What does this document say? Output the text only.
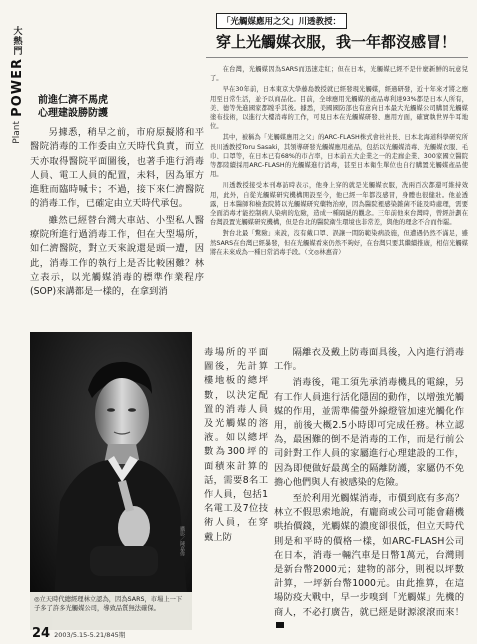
大熱門
POWER
Plant
「光觸媒應用之父」川透教授：
穿上光觸媒衣服，我一年都沒感冒！

在台灣，光觸媒因為SARS而迅速走紅；但在日本，光觸媒已經不是什麼新鮮的玩意兒了。

早在30年前，日本東京大學藤島教授就已經發現光觸媒，經過研發，近十年來才將之應用至日常生活，並予以商品化。目前，全球應用光觸媒的產品專利達93%都是日本人所有，美、德等先進國家都瞠乎其後。據悉，美國國防部也有意向日本最大光觸媒公司購買光觸媒塗布技術，以進行大樓消毒的工作，可見日本在光觸媒研發、應用方面，確實執世界牛耳地位。

其中，被稱為「光觸媒應用之父」的ARC-FLASH株式會社社長、日本北海道科學研究所長川透教授Toru Sasaki，其領導研發光觸媒應用產品，包括以光觸媒消毒、光觸媒衣服、毛巾、口罩等，在日本已有68%的市占率，日本前五大企業之一的走廊企業、300家國立醫院等都陸續採用ARC-FLASH的光觸媒進行消毒，甚至日本衛生單位也自行購置光觸媒產品使用。

川透教授接受本刊專訪時表示，他身上穿的就是光觸媒衣服，冼兩百次都還可維持效用，此外，自從光觸媒研究機構開設至今，他已經一年都沒感冒，身體也很健壯。他並透露，日本醫師和檢查院將以光觸媒研究藥物治療，因為醫院裡感染雜菌不能及時處理，需要全面消毒才能控制病人染病的危險，造成一種隔絕的觀念。三年前他來台灣時，曾經計劃在台灣設置光觸媒研究機構，但是台北的醫院衛生環境也非常差，與他的理念不合而作罷。

對台北最「驚險」來說，沒有戴口罩、誤讓一間防範染病設施，但遭遇仍然不滿足，雖然SARS在台灣已經暴發，但在光觸媒看來仍然不夠好，在台灣只要其繼續推廣，相信光觸媒將在未來成為一種日常消毒手段。（文◎林惠音）

前進仁濟不馬虎
心理建設勝防護

另據悉，稍早之前，市府原擬將和平醫院消毒的工作委由立天時代負責，而立天亦取得醫院平面圖後，也著手進行消毒人員、電工人員的配置，未料，因為軍方進駐而臨時喊卡；不過，接下來仁濟醫院的消毒工作，已確定由立天時代承包。

雖然已經替台灣大車站、小型私人醫療院所進行過消毒工作，但在大型場所，如仁濟醫院，對立天來說還是頭一遭，因此，消毒工作的執行上是否比較困難？林立表示，以光觸媒消毒的標準作業程序(SOP)來講都是一樣的，在拿到消

攝影／陳嘉偉
◎立天時代總經理林立認為，因為SARS，市場上一下子多了許多光觸媒公司，導致品質無法確保。

毒場所的平面圖後，先計算樓地板的總坪數，以決定配置的消毒人員及光觸媒的溶液。如以總坪數為300坪的面積來計算的話，需要8名工作人員，包括1名電工及7位技術人員，在穿戴上防

隔離衣及戴上防毒面具後，入內進行消毒工作。

消毒後，電工須先承消毒機具的電線，另有工作人員進行活化隱固的動作，以增強光觸媒的作用，並需準備螢外線燈管加速光觸化作用，前後大概2.5小時即可完成任務。林立認為，最困難的倒不是消毒的工作，而是行前公司針對工作人員的家屬進行心理建設的工作，因為即便做好最萬全的隔離防護，家屬仍不免擔心他們與人有被感染的危險。

至於利用光觸媒消毒，市價到底有多高？林立不假思索地說，有龐商或公司可能會藉機哄抬價錢，光觸媒的濃度卻很低，但立天時代則是和平時的價格一樣，如ARC-FLASH公司在日本，消毒一輛汽車是日幣1萬元，台灣則是新台幣2000元；建物的部分，則視以坪數計算，一坪新台幣1000元。由此推算，在這場防疫大戰中，早一步嗅到「光觸媒」先機的商人，不必打廣告，就已經是財源滾滾而來！

24 2003/5.15-5.21/845期
